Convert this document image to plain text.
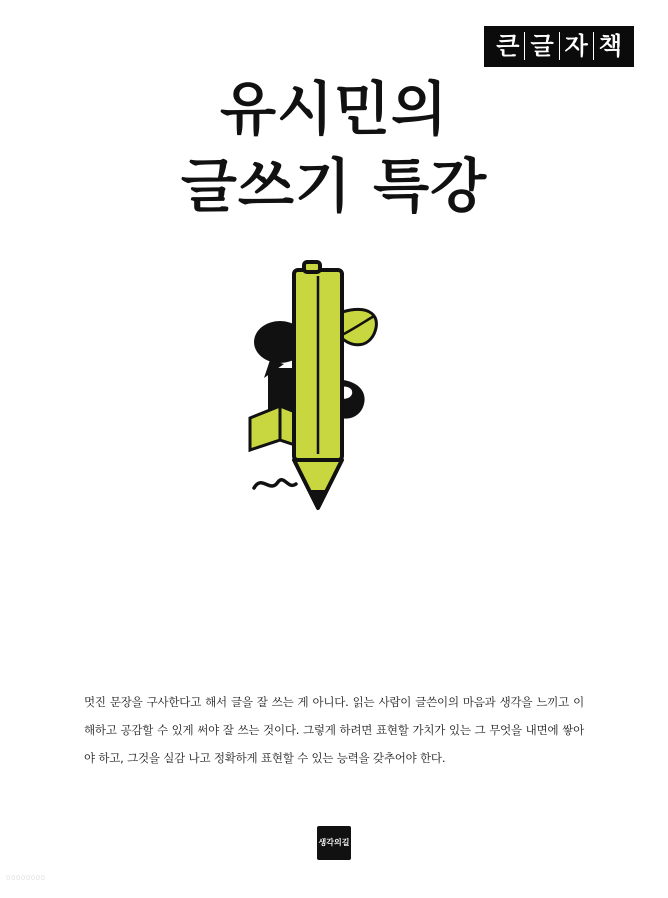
큰 글 자 책
유시민의
글쓰기 특강

멋진 문장을 구사한다고 해서 글을 잘 쓰는 게 아니다. 읽는 사람이 글쓴이의 마음과 생각을 느끼고 이해하고 공감할 수 있게 써야 잘 쓰는 것이다. 그렇게 하려면 표현할 가치가 있는 그 무엇을 내면에 쌓아야 하고, 그것을 실감 나고 정확하게 표현할 수 있는 능력을 갖추어야 한다.

생각의길
00000000
